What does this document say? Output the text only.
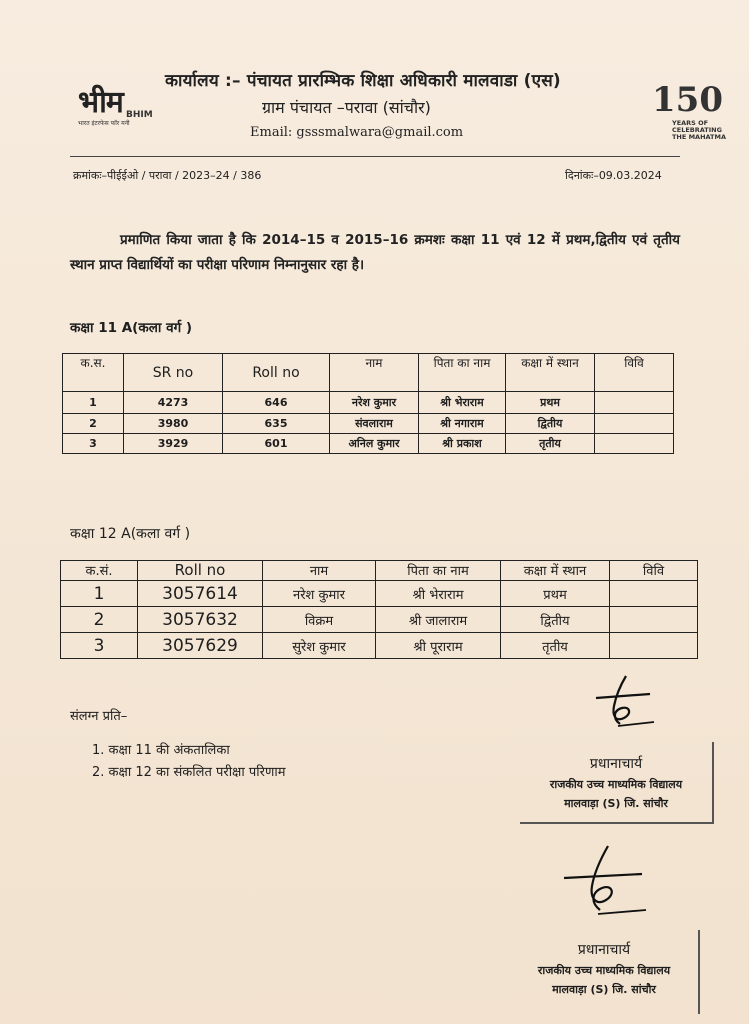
भीम BHIM
भारत इंटरफेस फॉर मनी
कार्यालय :– पंचायत प्रारम्भिक शिक्षा अधिकारी मालवाडा (एस)
ग्राम पंचायत –परावा (सांचौर)
Email: gsssmalwara@gmail.com
150
YEARS OF
CELEBRATING
THE MAHATMA
क्रमांकः–पीईईओ / परावा / 2023–24 / 386	दिनांकः–09.03.2024
प्रमाणित किया जाता है कि 2014–15 व 2015–16 क्रमशः कक्षा 11 एवं 12 में प्रथम,द्वितीय एवं तृतीय स्थान प्राप्त विद्यार्थियों का परीक्षा परिणाम निम्नानुसार रहा है।
कक्षा 11 A(कला वर्ग )
क.स.	SR no	Roll no	नाम	पिता का नाम	कक्षा में स्थान	विवि
1	4273	646	नरेश कुमार	श्री भेराराम	प्रथम	
2	3980	635	संवलाराम	श्री नगाराम	द्वितीय	
3	3929	601	अनिल कुमार	श्री प्रकाश	तृतीय	
कक्षा 12 A(कला वर्ग )
क.सं.	Roll no	नाम	पिता का नाम	कक्षा में स्थान	विवि
1	3057614	नरेश कुमार	श्री भेराराम	प्रथम	
2	3057632	विक्रम	श्री जालाराम	द्वितीय	
3	3057629	सुरेश कुमार	श्री पूराराम	तृतीय	
संलग्न प्रति–
1. कक्षा 11 की अंकतालिका
2. कक्षा 12 का संकलित परीक्षा परिणाम
प्रधानाचार्य
राजकीय उच्च माध्यमिक विद्यालय
मालवाड़ा (S) जि. सांचौर
प्रधानाचार्य
राजकीय उच्च माध्यमिक विद्यालय
मालवाड़ा (S) जि. सांचौर
